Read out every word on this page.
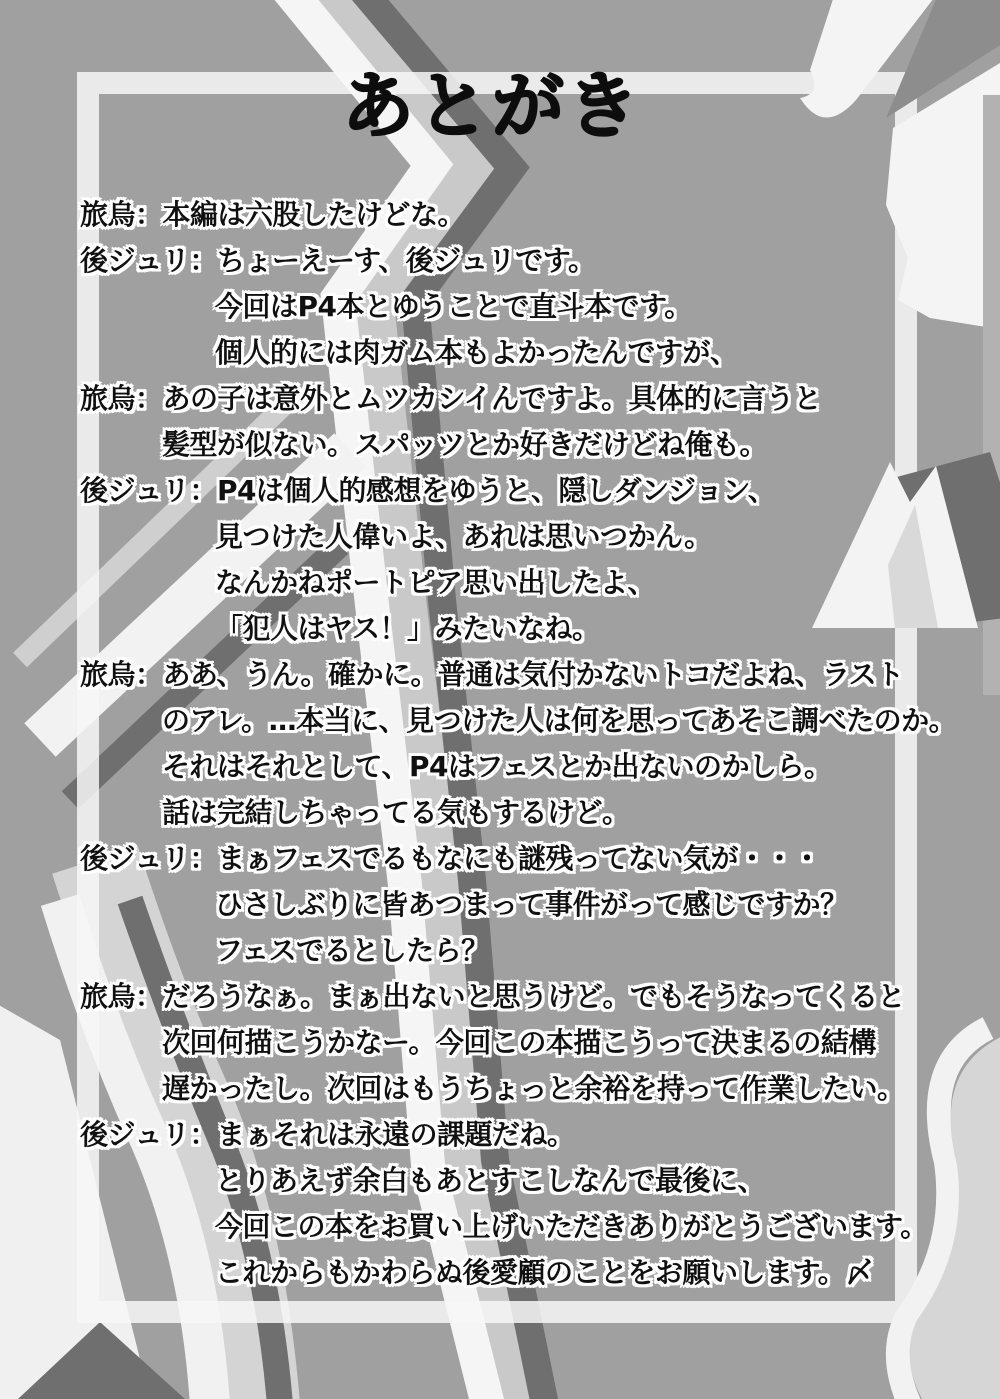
あとがき
旅烏：本編は六股したけどな。
後ジュリ：ちょーえーす、後ジュリです。
今回はP4本とゆうことで直斗本です。
個人的には肉ガム本もよかったんですが、
旅烏：あの子は意外とムツカシイんですよ。具体的に言うと
髪型が似ない。スパッツとか好きだけどね俺も。
後ジュリ：P4は個人的感想をゆうと、隠しダンジョン、
見つけた人偉いよ、あれは思いつかん。
なんかねポートピア思い出したよ、
「犯人はヤス！」みたいなね。
旅烏：ああ、うん。確かに。普通は気付かないトコだよね、ラスト
のアレ。…本当に、見つけた人は何を思ってあそこ調べたのか。
それはそれとして、P4はフェスとか出ないのかしら。
話は完結しちゃってる気もするけど。
後ジュリ：まぁフェスでるもなにも謎残ってない気が・・・
ひさしぶりに皆あつまって事件がって感じですか？
フェスでるとしたら？
旅烏：だろうなぁ。まぁ出ないと思うけど。でもそうなってくると
次回何描こうかなー。今回この本描こうって決まるの結構
遅かったし。次回はもうちょっと余裕を持って作業したい。
後ジュリ：まぁそれは永遠の課題だね。
とりあえず余白もあとすこしなんで最後に、
今回この本をお買い上げいただきありがとうございます。
これからもかわらぬ後愛顧のことをお願いします。〆
